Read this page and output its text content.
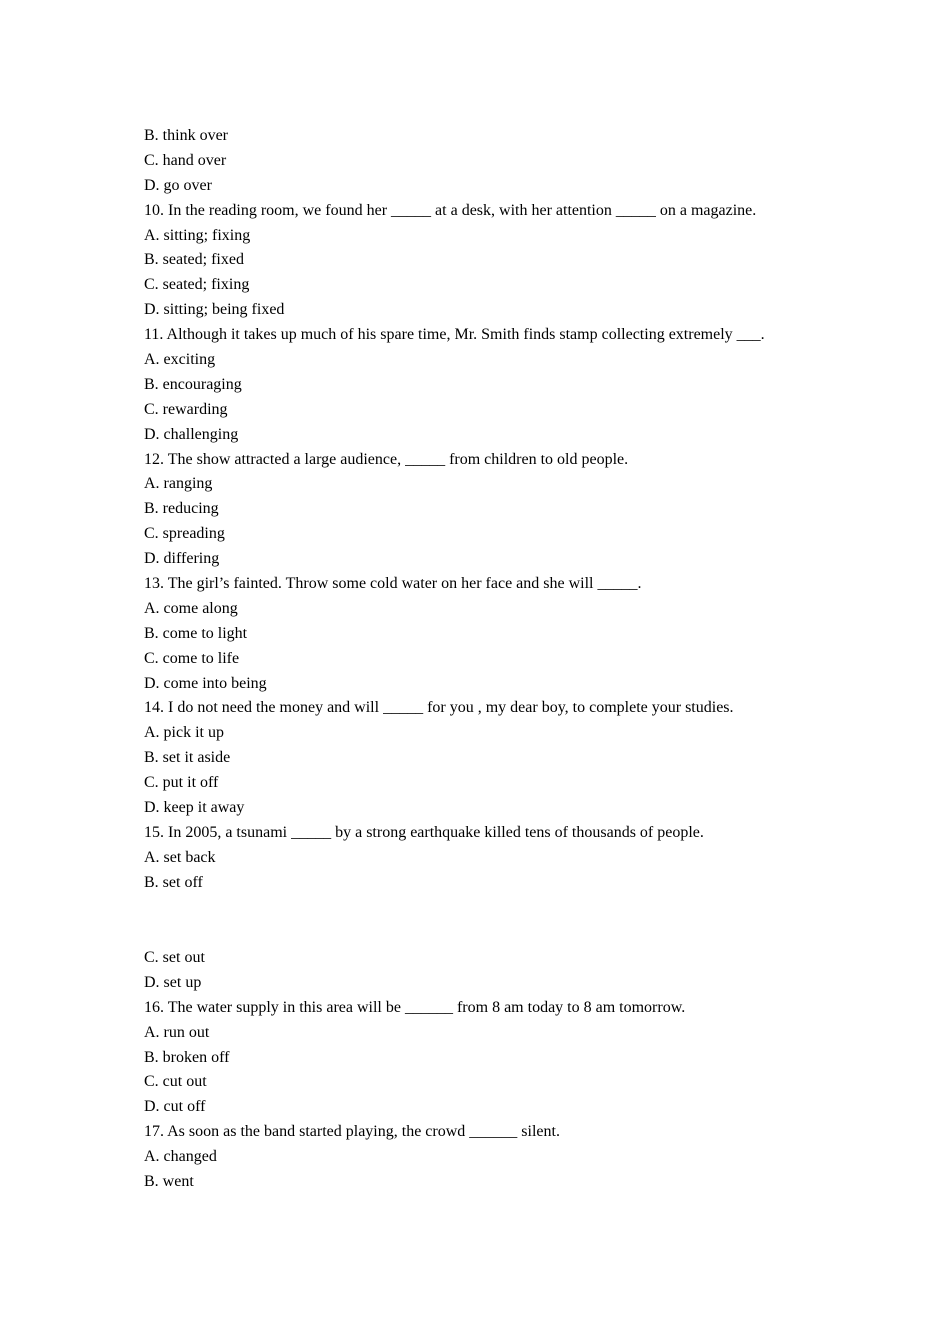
B. think over
C. hand over
D. go over
10. In the reading room, we found her _____ at a desk, with her attention _____ on a magazine.
A. sitting; fixing
B. seated; fixed
C. seated; fixing
D. sitting; being fixed
11. Although it takes up much of his spare time, Mr. Smith finds stamp collecting extremely ___.
A. exciting
B. encouraging
C. rewarding
D. challenging
12. The show attracted a large audience, _____ from children to old people.
A. ranging
B. reducing
C. spreading
D. differing
13. The girl’s fainted. Throw some cold water on her face and she will _____.
A. come along
B. come to light
C. come to life
D. come into being
14. I do not need the money and will _____ for you , my dear boy, to complete your studies.
A. pick it up
B. set it aside
C. put it off
D. keep it away
15. In 2005, a tsunami _____ by a strong earthquake killed tens of thousands of people.
A. set back
B. set off
C. set out
D. set up
16. The water supply in this area will be ______ from 8 am today to 8 am tomorrow.
A. run out
B. broken off
C. cut out
D. cut off
17. As soon as the band started playing, the crowd ______ silent.
A. changed
B. went
